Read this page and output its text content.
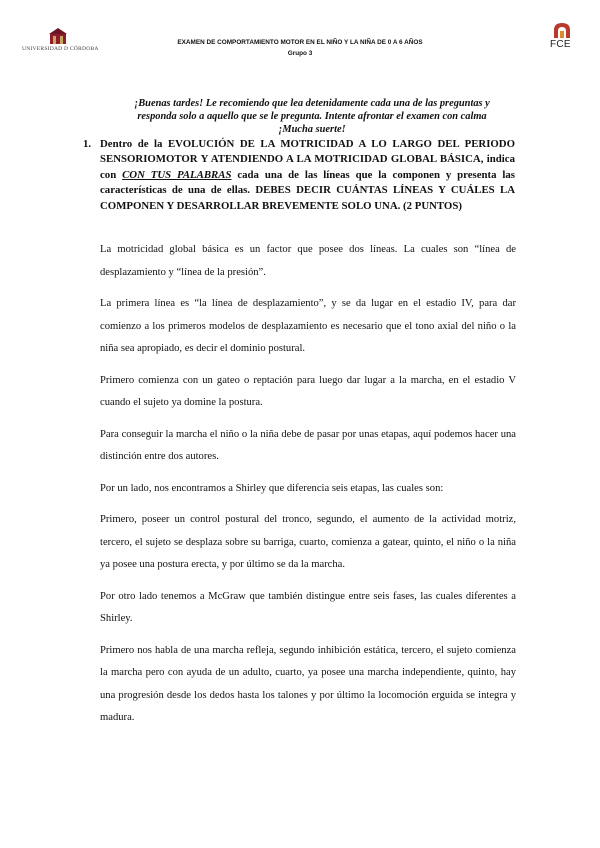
UNIVERSIDAD D CÓRDOBA	FCE
EXAMEN DE COMPORTAMIENTO MOTOR EN EL NIÑO Y LA NIÑA DE 0 A 6 AÑOS
Grupo 3
¡Buenas tardes! Le recomiendo que lea detenidamente cada una de las preguntas y
responda solo a aquello que se le pregunta. Intente afrontar el examen con calma
¡Mucha suerte!
1. Dentro de la EVOLUCIÓN DE LA MOTRICIDAD A LO LARGO DEL PERIODO SENSORIOMOTOR Y ATENDIENDO A LA MOTRICIDAD GLOBAL BÁSICA, indica con CON TUS PALABRAS cada una de las líneas que la componen y presenta las características de una de ellas. DEBES DECIR CUÁNTAS LÍNEAS Y CUÁLES LA COMPONEN Y DESARROLLAR BREVEMENTE SOLO UNA. (2 PUNTOS)

La motricidad global básica es un factor que posee dos líneas. La cuales son “línea de desplazamiento y “línea de la presión”.

La primera línea es “la línea de desplazamiento”, y se da lugar en el estadio IV, para dar comienzo a los primeros modelos de desplazamiento es necesario que el tono axial del niño o la niña sea apropiado, es decir el dominio postural.

Primero comienza con un gateo o reptación para luego dar lugar a la marcha, en el estadio V cuando el sujeto ya domine la postura.

Para conseguir la marcha el niño o la niña debe de pasar por unas etapas, aquí podemos hacer una distinción entre dos autores.

Por un lado, nos encontramos a Shirley que diferencia seis etapas, las cuales son:

Primero, poseer un control postural del tronco, segundo, el aumento de la actividad motriz, tercero, el sujeto se desplaza sobre su barriga, cuarto, comienza a gatear, quinto, el niño o la niña ya posee una postura erecta, y por último se da la marcha.

Por otro lado tenemos a McGraw que también distingue entre seis fases, las cuales diferentes a Shirley.

Primero nos habla de una marcha refleja, segundo inhibición estática, tercero, el sujeto comienza la marcha pero con ayuda de un adulto, cuarto, ya posee una marcha independiente, quinto, hay una progresión desde los dedos hasta los talones y por último la locomoción erguida se integra y madura.
